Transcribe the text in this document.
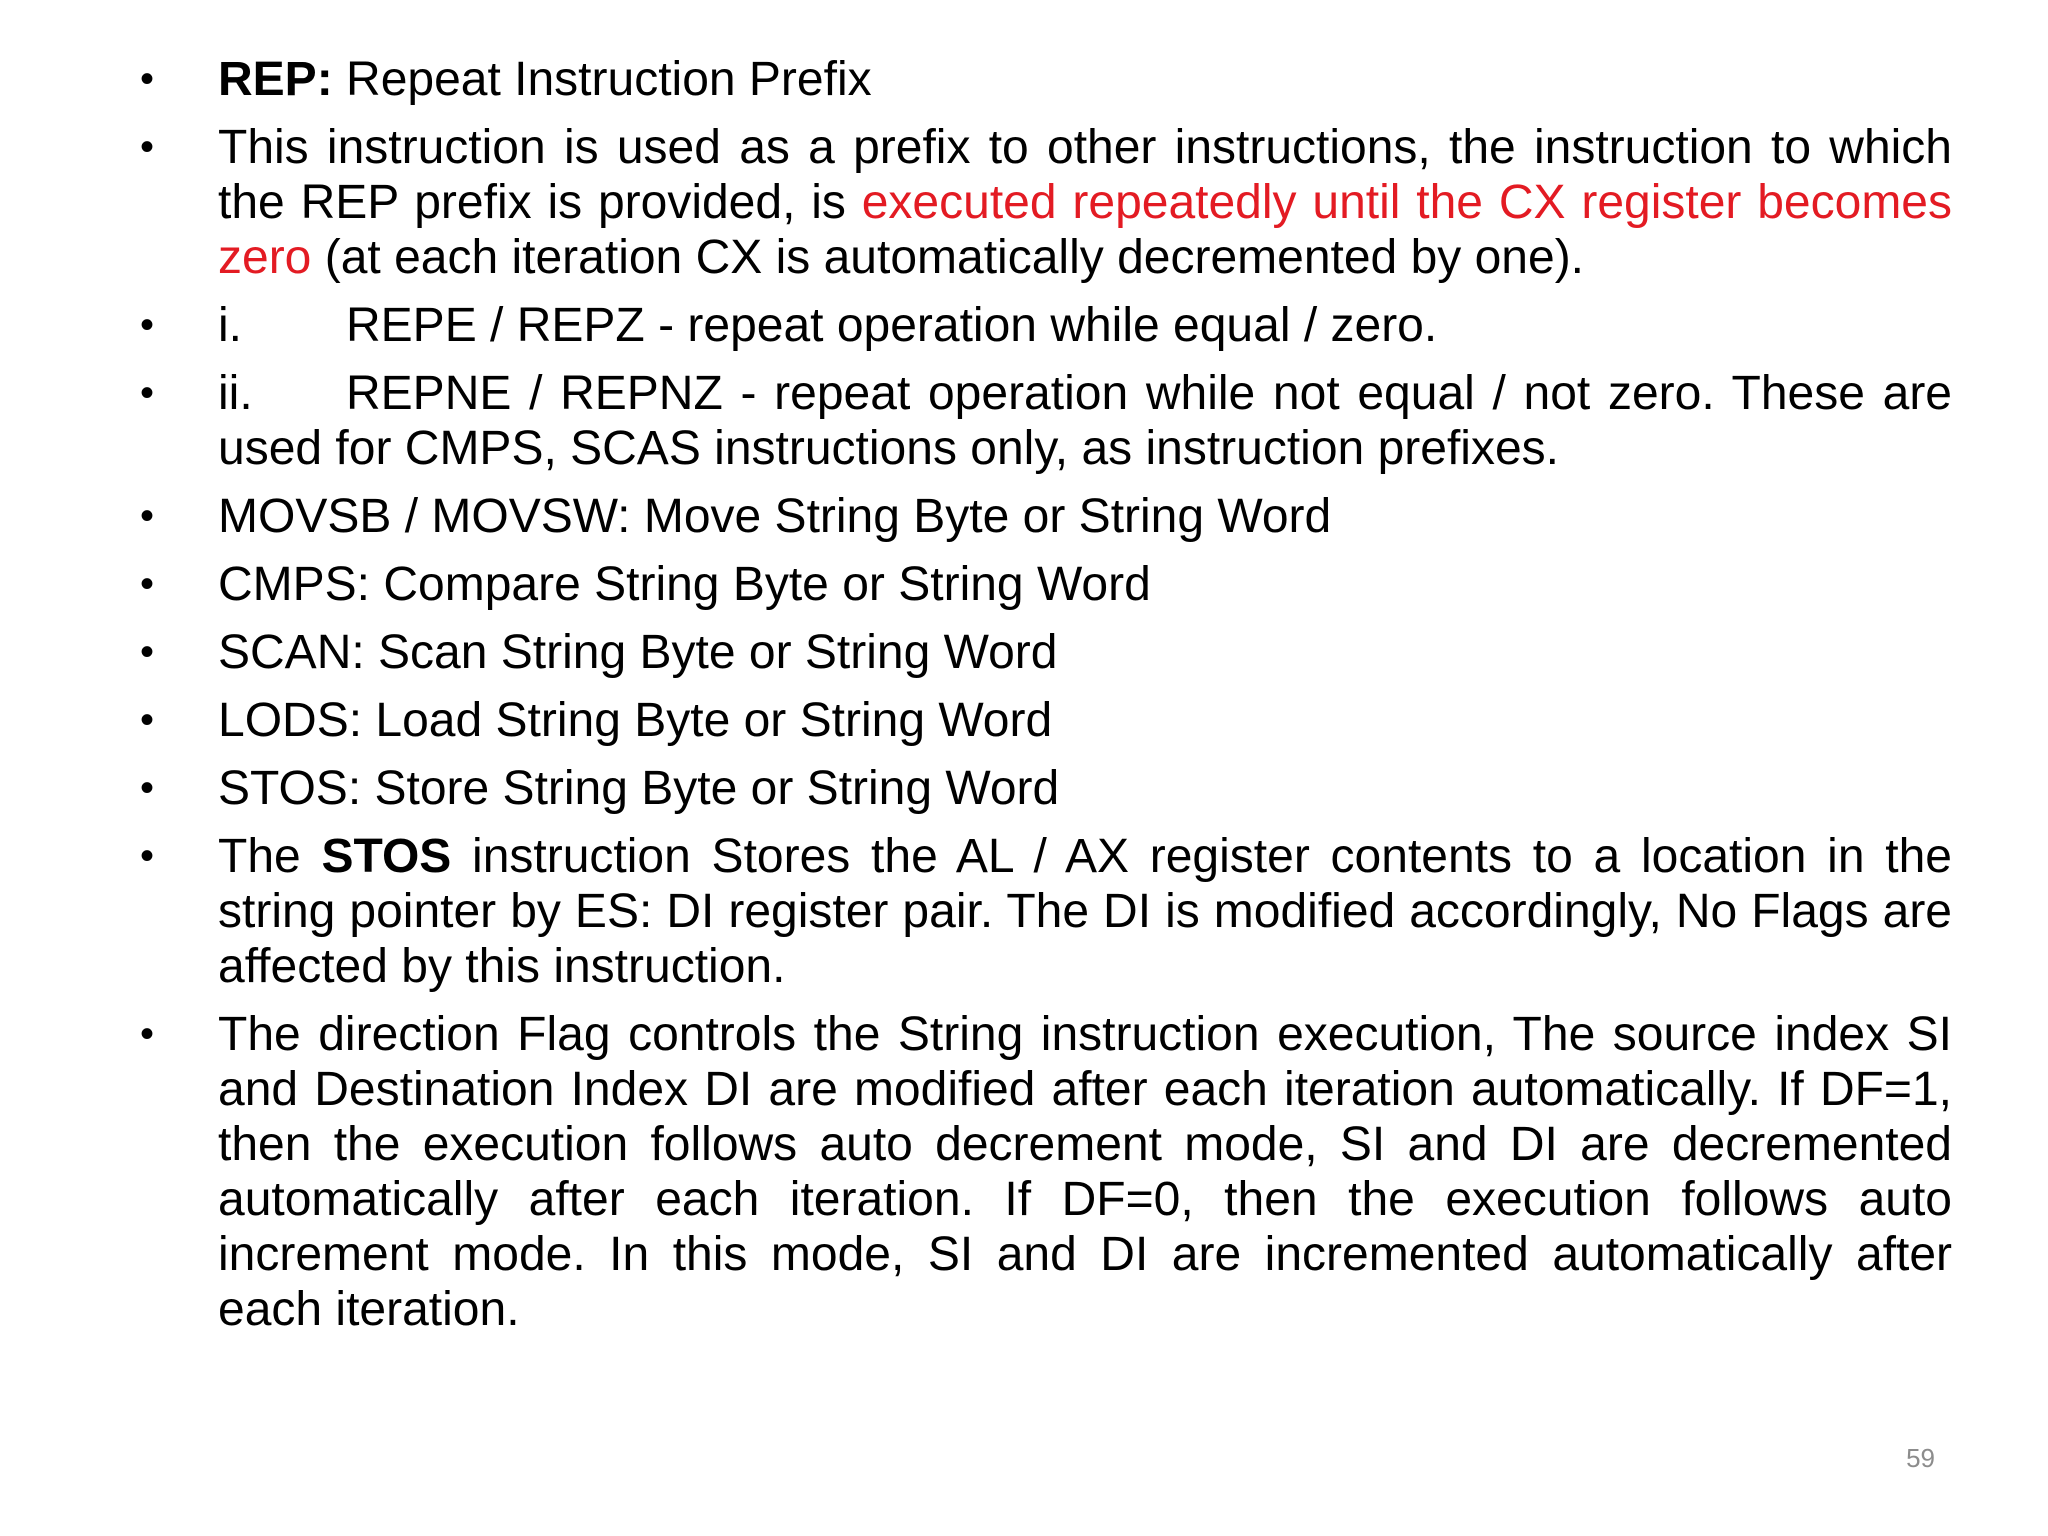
•	REP: Repeat Instruction Prefix
•	This instruction is used as a prefix to other instructions, the instruction to which the REP prefix is provided, is executed repeatedly until the CX register becomes zero (at each iteration CX is automatically decremented by one).
•	i. REPE / REPZ - repeat operation while equal / zero.
•	ii. REPNE / REPNZ - repeat operation while not equal / not zero. These are used for CMPS, SCAS instructions only, as instruction prefixes.
•	MOVSB / MOVSW: Move String Byte or String Word
•	CMPS: Compare String Byte or String Word
•	SCAN: Scan String Byte or String Word
•	LODS: Load String Byte or String Word
•	STOS: Store String Byte or String Word
•	The STOS instruction Stores the AL / AX register contents to a location in the string pointer by ES: DI register pair. The DI is modified accordingly, No Flags are affected by this instruction.
•	The direction Flag controls the String instruction execution, The source index SI and Destination Index DI are modified after each iteration automatically. If DF=1, then the execution follows auto decrement mode, SI and DI are decremented automatically after each iteration. If DF=0, then the execution follows auto increment mode. In this mode, SI and DI are incremented automatically after each iteration.
59
